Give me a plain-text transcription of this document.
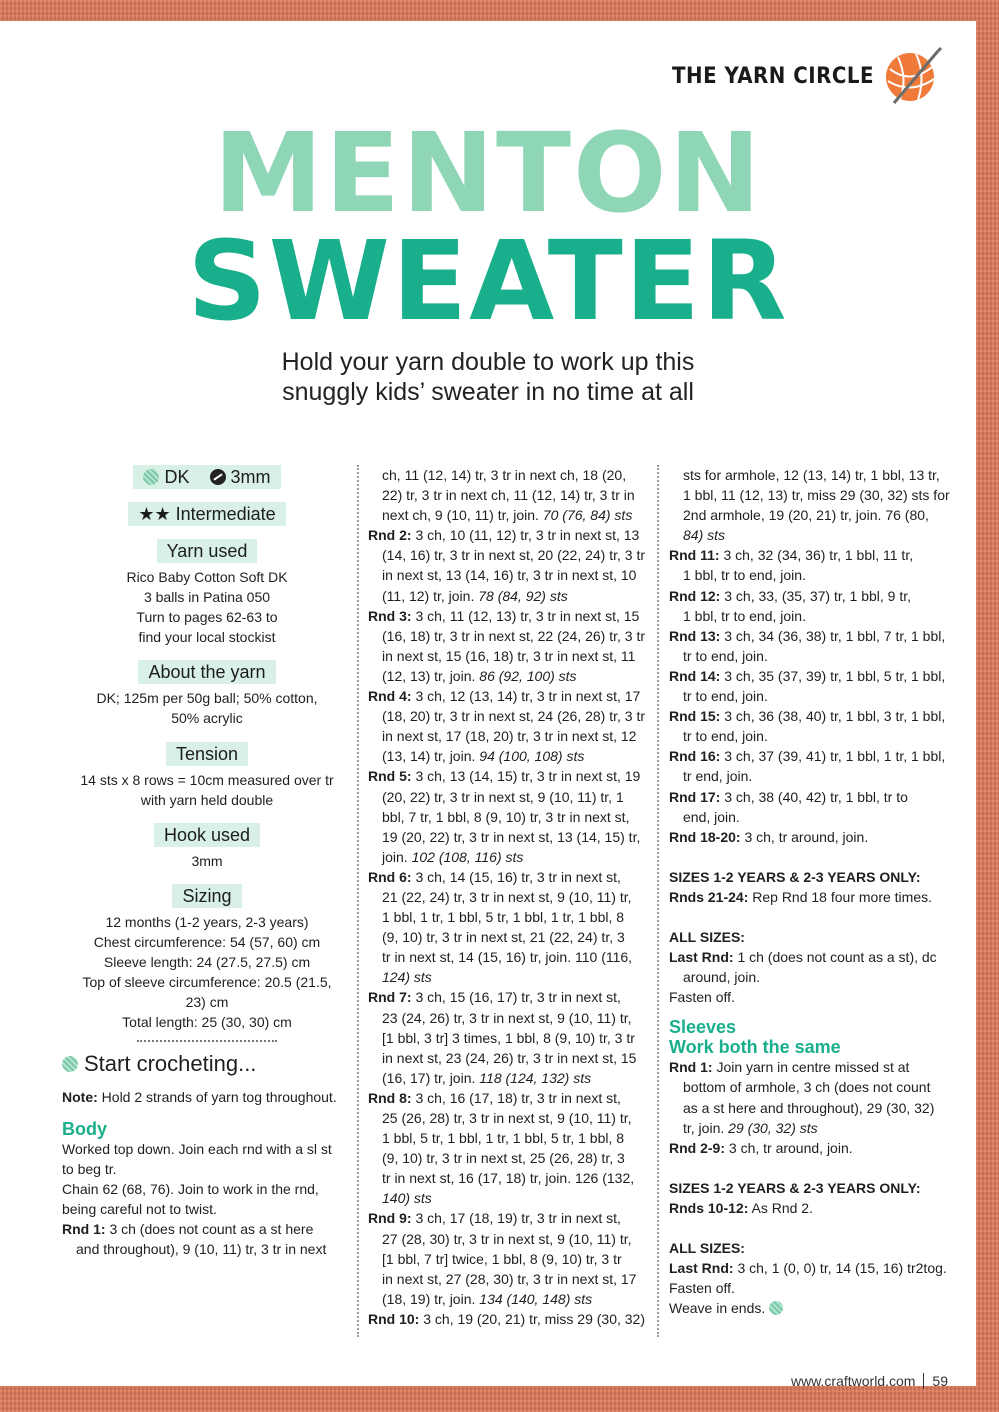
THE YARN CIRCLE
MENTON
SWEATER
Hold your yarn double to work up this
snuggly kids’ sweater in no time at all
DK 3mm
★★ Intermediate
Yarn used
Rico Baby Cotton Soft DK
3 balls in Patina 050
Turn to pages 62-63 to
find your local stockist
About the yarn
DK; 125m per 50g ball; 50% cotton,
50% acrylic
Tension
14 sts x 8 rows = 10cm measured over tr
with yarn held double
Hook used
3mm
Sizing
12 months (1-2 years, 2-3 years)
Chest circumference: 54 (57, 60) cm
Sleeve length: 24 (27.5, 27.5) cm
Top of sleeve circumference: 20.5 (21.5,
23) cm
Total length: 25 (30, 30) cm
Start crocheting...

Note: Hold 2 strands of yarn tog throughout.

Body

Worked top down. Join each rnd with a sl st

to beg tr.

Chain 62 (68, 76). Join to work in the rnd,

being careful not to twist.

Rnd 1: 3 ch (does not count as a st here

and throughout), 9 (10, 11) tr, 3 tr in next

ch, 11 (12, 14) tr, 3 tr in next ch, 18 (20,

22) tr, 3 tr in next ch, 11 (12, 14) tr, 3 tr in

next ch, 9 (10, 11) tr, join. 70 (76, 84) sts

Rnd 2: 3 ch, 10 (11, 12) tr, 3 tr in next st, 13

(14, 16) tr, 3 tr in next st, 20 (22, 24) tr, 3 tr

in next st, 13 (14, 16) tr, 3 tr in next st, 10

(11, 12) tr, join. 78 (84, 92) sts

Rnd 3: 3 ch, 11 (12, 13) tr, 3 tr in next st, 15

(16, 18) tr, 3 tr in next st, 22 (24, 26) tr, 3 tr

in next st, 15 (16, 18) tr, 3 tr in next st, 11

(12, 13) tr, join. 86 (92, 100) sts

Rnd 4: 3 ch, 12 (13, 14) tr, 3 tr in next st, 17

(18, 20) tr, 3 tr in next st, 24 (26, 28) tr, 3 tr

in next st, 17 (18, 20) tr, 3 tr in next st, 12

(13, 14) tr, join. 94 (100, 108) sts

Rnd 5: 3 ch, 13 (14, 15) tr, 3 tr in next st, 19

(20, 22) tr, 3 tr in next st, 9 (10, 11) tr, 1

bbl, 7 tr, 1 bbl, 8 (9, 10) tr, 3 tr in next st,

19 (20, 22) tr, 3 tr in next st, 13 (14, 15) tr,

join. 102 (108, 116) sts

Rnd 6: 3 ch, 14 (15, 16) tr, 3 tr in next st,

21 (22, 24) tr, 3 tr in next st, 9 (10, 11) tr,

1 bbl, 1 tr, 1 bbl, 5 tr, 1 bbl, 1 tr, 1 bbl, 8

(9, 10) tr, 3 tr in next st, 21 (22, 24) tr, 3

tr in next st, 14 (15, 16) tr, join. 110 (116,

124) sts

Rnd 7: 3 ch, 15 (16, 17) tr, 3 tr in next st,

23 (24, 26) tr, 3 tr in next st, 9 (10, 11) tr,

[1 bbl, 3 tr] 3 times, 1 bbl, 8 (9, 10) tr, 3 tr

in next st, 23 (24, 26) tr, 3 tr in next st, 15

(16, 17) tr, join. 118 (124, 132) sts

Rnd 8: 3 ch, 16 (17, 18) tr, 3 tr in next st,

25 (26, 28) tr, 3 tr in next st, 9 (10, 11) tr,

1 bbl, 5 tr, 1 bbl, 1 tr, 1 bbl, 5 tr, 1 bbl, 8

(9, 10) tr, 3 tr in next st, 25 (26, 28) tr, 3

tr in next st, 16 (17, 18) tr, join. 126 (132,

140) sts

Rnd 9: 3 ch, 17 (18, 19) tr, 3 tr in next st,

27 (28, 30) tr, 3 tr in next st, 9 (10, 11) tr,

[1 bbl, 7 tr] twice, 1 bbl, 8 (9, 10) tr, 3 tr

in next st, 27 (28, 30) tr, 3 tr in next st, 17

(18, 19) tr, join. 134 (140, 148) sts

Rnd 10: 3 ch, 19 (20, 21) tr, miss 29 (30, 32)

sts for armhole, 12 (13, 14) tr, 1 bbl, 13 tr,

1 bbl, 11 (12, 13) tr, miss 29 (30, 32) sts for

2nd armhole, 19 (20, 21) tr, join. 76 (80,

84) sts

Rnd 11: 3 ch, 32 (34, 36) tr, 1 bbl, 11 tr,

1 bbl, tr to end, join.

Rnd 12: 3 ch, 33, (35, 37) tr, 1 bbl, 9 tr,

1 bbl, tr to end, join.

Rnd 13: 3 ch, 34 (36, 38) tr, 1 bbl, 7 tr, 1 bbl,

tr to end, join.

Rnd 14: 3 ch, 35 (37, 39) tr, 1 bbl, 5 tr, 1 bbl,

tr to end, join.

Rnd 15: 3 ch, 36 (38, 40) tr, 1 bbl, 3 tr, 1 bbl,

tr to end, join.

Rnd 16: 3 ch, 37 (39, 41) tr, 1 bbl, 1 tr, 1 bbl,

tr end, join.

Rnd 17: 3 ch, 38 (40, 42) tr, 1 bbl, tr to

end, join.

Rnd 18-20: 3 ch, tr around, join.

SIZES 1-2 YEARS & 2-3 YEARS ONLY:

Rnds 21-24: Rep Rnd 18 four more times.

ALL SIZES:

Last Rnd: 1 ch (does not count as a st), dc

around, join.

Fasten off.

Sleeves
Work both the same

Rnd 1: Join yarn in centre missed st at

bottom of armhole, 3 ch (does not count

as a st here and throughout), 29 (30, 32)

tr, join. 29 (30, 32) sts

Rnd 2-9: 3 ch, tr around, join.

SIZES 1-2 YEARS & 2-3 YEARS ONLY:

Rnds 10-12: As Rnd 2.

ALL SIZES:

Last Rnd: 3 ch, 1 (0, 0) tr, 14 (15, 16) tr2tog.

Fasten off.

Weave in ends.

www.craftworld.com 59
